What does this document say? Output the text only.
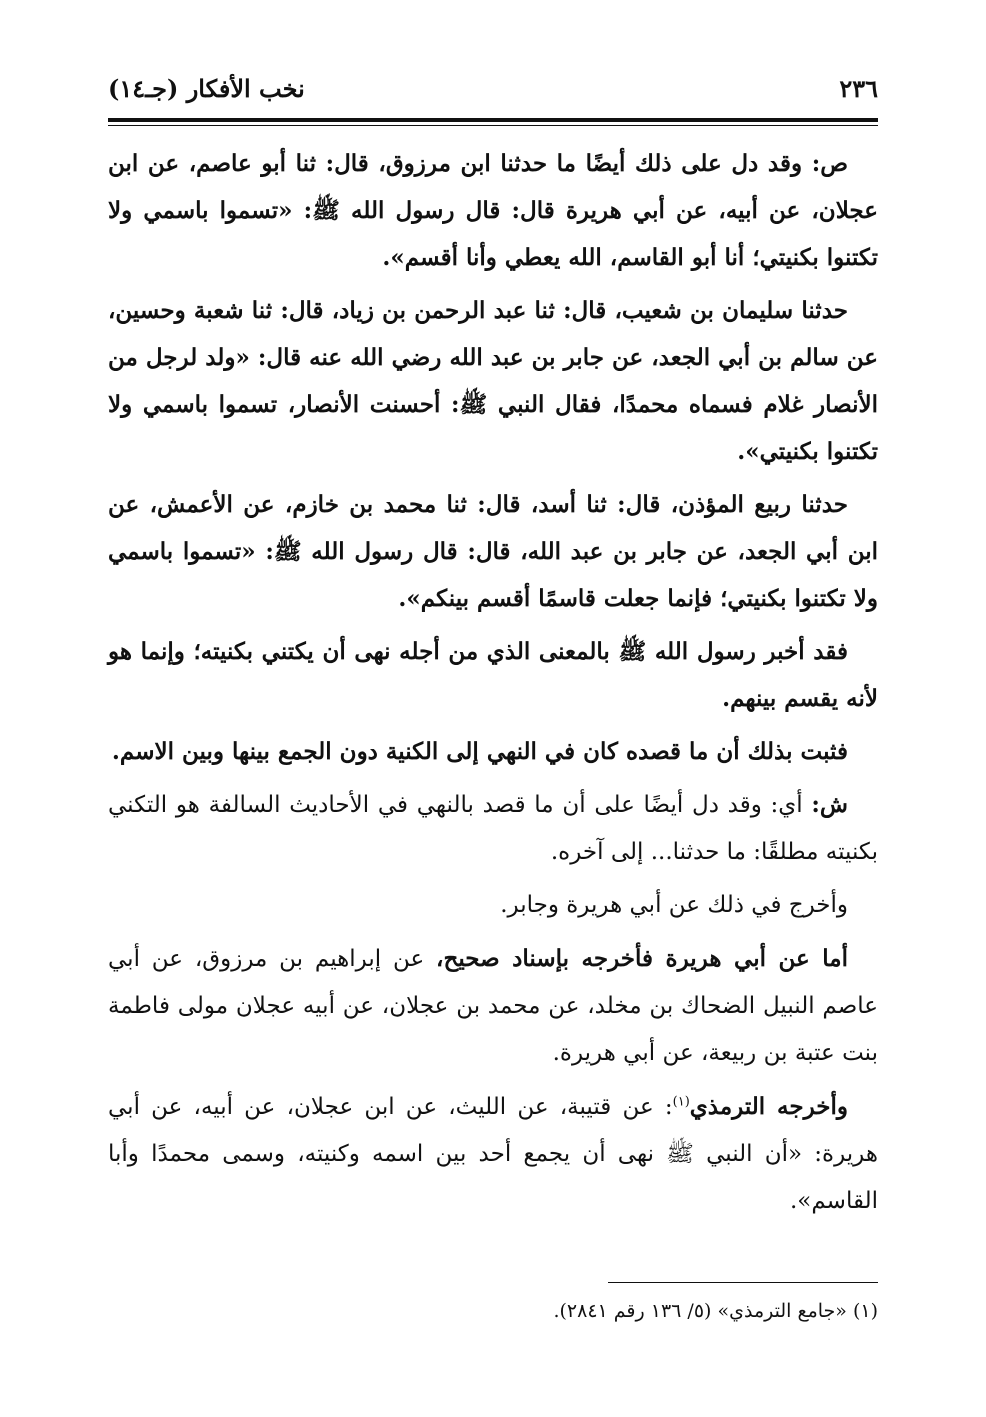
٢٣٦
نخب الأفكار (جـ١٤)

ص: وقد دل على ذلك أيضًا ما حدثنا ابن مرزوق، قال: ثنا أبو عاصم، عن ابن عجلان، عن أبيه، عن أبي هريرة قال: قال رسول الله ﷺ: «تسموا باسمي ولا تكتنوا بكنيتي؛ أنا أبو القاسم، الله يعطي وأنا أقسم».

حدثنا سليمان بن شعيب، قال: ثنا عبد الرحمن بن زياد، قال: ثنا شعبة وحسين، عن سالم بن أبي الجعد، عن جابر بن عبد الله رضي الله عنه قال: «ولد لرجل من الأنصار غلام فسماه محمدًا، فقال النبي ﷺ: أحسنت الأنصار، تسموا باسمي ولا تكتنوا بكنيتي».

حدثنا ربيع المؤذن، قال: ثنا أسد، قال: ثنا محمد بن خازم، عن الأعمش، عن ابن أبي الجعد، عن جابر بن عبد الله، قال: قال رسول الله ﷺ: «تسموا باسمي ولا تكتنوا بكنيتي؛ فإنما جعلت قاسمًا أقسم بينكم».

فقد أخبر رسول الله ﷺ بالمعنى الذي من أجله نهى أن يكتني بكنيته؛ وإنما هو لأنه يقسم بينهم.

فثبت بذلك أن ما قصده كان في النهي إلى الكنية دون الجمع بينها وبين الاسم.

ش: أي: وقد دل أيضًا على أن ما قصد بالنهي في الأحاديث السالفة هو التكني بكنيته مطلقًا: ما حدثنا... إلى آخره.

وأخرج في ذلك عن أبي هريرة وجابر.

أما عن أبي هريرة فأخرجه بإسناد صحيح، عن إبراهيم بن مرزوق، عن أبي عاصم النبيل الضحاك بن مخلد، عن محمد بن عجلان، عن أبيه عجلان مولى فاطمة بنت عتبة بن ربيعة، عن أبي هريرة.

وأخرجه الترمذي$^{(١)}$: عن قتيبة، عن الليث، عن ابن عجلان، عن أبيه، عن أبي هريرة: «أن النبي ﷺ نهى أن يجمع أحد بين اسمه وكنيته، وسمى محمدًا وأبا القاسم».

(١) «جامع الترمذي» (٥/ ١٣٦ رقم ٢٨٤١).
